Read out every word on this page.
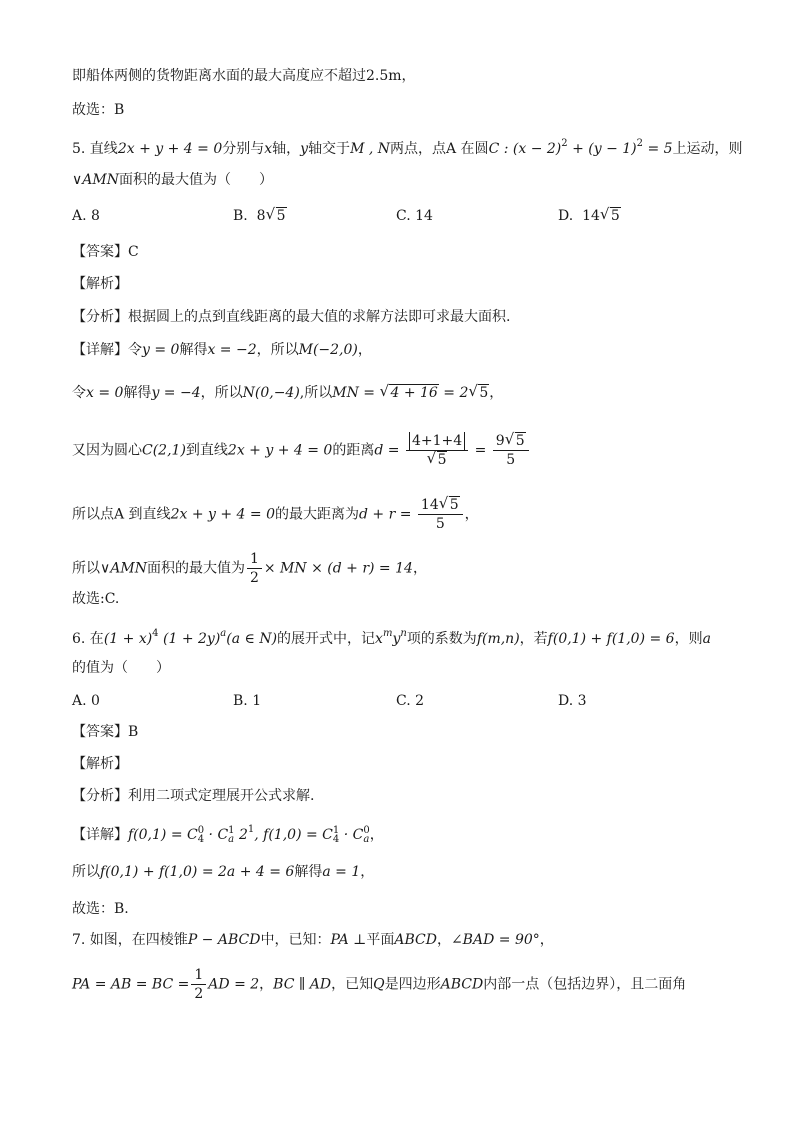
即船体两侧的货物距离水面的最大高度应不超过2.5m，
故选：B
5. 直线2x + y + 4 = 0分别与x轴，y轴交于M , N两点，点A 在圆C : $(x - 2)^2 + (y - 1)^2 = 5$上运动，则
∨AMN面积的最大值为（　　）
A. 8	B. 8 √ 5	C. 14	D. 14 √ 5
【答案】C
【解析】
【分析】根据圆上的点到直线距离的最大值的求解方法即可求最大面积.
【详解】令y = 0解得x = −2，所以M(−2,0)，
令x = 0解得y = −4，所以N(0,−4),所以MN = √ 4 + 16 = 2 √ 5，
又因为圆心C(2,1)到直线2x + y + 4 = 0的距离d = 4+1+4
√ $5 = \frac{9 √ 5}{5}$
所以点A 到直线2x + y + 4 = 0的最大距离为$d + r = \frac{14 √ 5}{5}$ ，
所以∨AMN面积的最大值为 $\frac{1}{2}$ × MN × (d + r) = 14，
故选:C.
6. 在$(1 + x)^4$ $(1 + 2y)^a(a$ ∈ N)的展开式中，记$x^my^n$项的系数为f(m,n)，若f(0,1) + f(1,0) = 6，则a
的值为（　　）
A. 0	B. 1	C. 2	D. 3
【答案】B
【解析】
【分析】利用二项式定理展开公式求解.
【详解】f(0,1) = C 0
4 · C 1
a $2^1$, f(1,0) = C 1
4 · C 0
a ，
所以f(0,1) + f(1,0) = 2a + 4 = 6解得a = 1，
故选：B.
7. 如图，在四棱锥P − ABCD中，已知：PA ⊥平面ABCD，∠BAD = 90°，
PA = AB = BC = $\frac{1}{2}$ AD = 2，BC ∥ AD，已知Q是四边形ABCD内部一点（包括边界），且二面角
